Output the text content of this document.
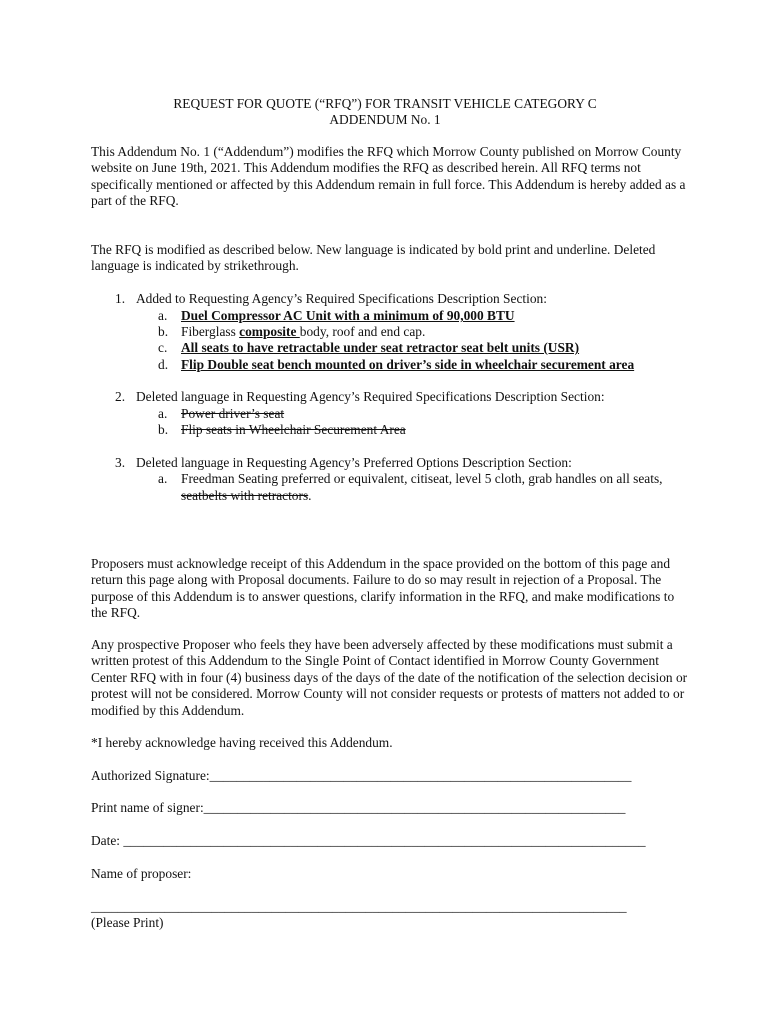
REQUEST FOR QUOTE (“RFQ”) FOR TRANSIT VEHICLE CATEGORY C
ADDENDUM No. 1
This Addendum No. 1 (“Addendum”) modifies the RFQ which Morrow County published on Morrow County website on June 19th, 2021. This Addendum modifies the RFQ as described herein. All RFQ terms not specifically mentioned or affected by this Addendum remain in full force. This Addendum is hereby added as a part of the RFQ.
The RFQ is modified as described below. New language is indicated by bold print and underline. Deleted language is indicated by strikethrough.
1. Added to Requesting Agency’s Required Specifications Description Section:
a. Duel Compressor AC Unit with a minimum of 90,000 BTU
b. Fiberglass composite body, roof and end cap.
c. All seats to have retractable under seat retractor seat belt units (USR)
d. Flip Double seat bench mounted on driver’s side in wheelchair securement area
2. Deleted language in Requesting Agency’s Required Specifications Description Section:
a. Power driver’s seat
b. Flip seats in Wheelchair Securement Area
3. Deleted language in Requesting Agency’s Preferred Options Description Section:
a. Freedman Seating preferred or equivalent, citiseat, level 5 cloth, grab handles on all seats,
seatbelts with retractors.
Proposers must acknowledge receipt of this Addendum in the space provided on the bottom of this page and return this page along with Proposal documents. Failure to do so may result in rejection of a Proposal. The purpose of this Addendum is to answer questions, clarify information in the RFQ, and make modifications to the RFQ.
Any prospective Proposer who feels they have been adversely affected by these modifications must submit a written protest of this Addendum to the Single Point of Contact identified in Morrow County Government Center RFQ with in four (4) business days of the days of the date of the notification of the selection decision or protest will not be considered. Morrow County will not consider requests or protests of matters not added to or modified by this Addendum.
*I hereby acknowledge having received this Addendum.
Authorized Signature:_______________________________________________________________
Print name of signer:_______________________________________________________________
Date: ______________________________________________________________________________
Name of proposer:
________________________________________________________________________________
(Please Print)
